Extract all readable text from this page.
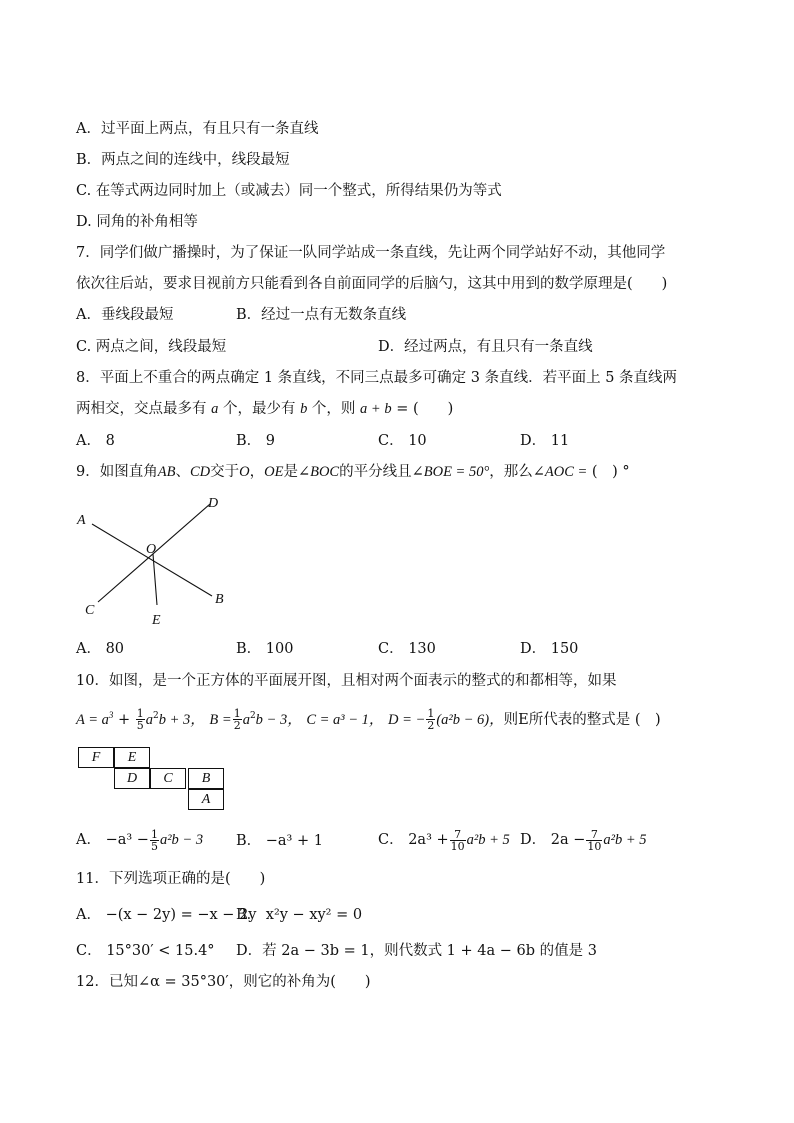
A．过平面上两点，有且只有一条直线
B．两点之间的连线中，线段最短
C. 在等式两边同时加上（或减去）同一个整式，所得结果仍为等式
D. 同角的补角相等
7．同学们做广播操时，为了保证一队同学站成一条直线，先让两个同学站好不动，其他同学
依次往后站，要求目视前方只能看到各自前面同学的后脑勺，这其中用到的数学原理是(　　)
A．垂线段最短	B．经过一点有无数条直线
C. 两点之间，线段最短	D．经过两点，有且只有一条直线
8．平面上不重合的两点确定 1 条直线，不同三点最多可确定 3 条直线．若平面上 5 条直线两
两相交，交点最多有 a 个，最少有 b 个，则 a + b = (　　)
A． 8	B． 9	C． 10	D． 11
9．如图直角AB、CD交于O，OE是∠BOC的平分线且∠BOE = 50°，那么∠AOC = (　) °
A
D
O
C
B
E
A． 80	B． 100	C． 130	D． 150
10．如图，是一个正方体的平面展开图，且相对两个面表示的整式的和都相等，如果
$A = a^3 + \frac{1}{5} a^2b + 3$， $B = \frac{1}{2} a^2b - 3$， C = a³ − 1， D = − $\frac{1}{2} (a^2b - 6)$，则E所代表的整式是 (　)
F	E
D	C	B
A
A． $-a^3 - \frac{1}{5} a^2b - 3$ B． −a³ + 1	C． $2a^3 + \frac{7}{10} a^2b + 5$ D． $2a - \frac{7}{10} a^2b + 5$
11．下列选项正确的是(　　)
A． −(x − 2y) = −x − 2y
B． x²y − xy² = 0
C． 15°30′ < 15.4° D．若 2a − 3b = 1，则代数式 1 + 4a − 6b 的值是 3
12．已知∠α = 35°30′，则它的补角为(　　)
